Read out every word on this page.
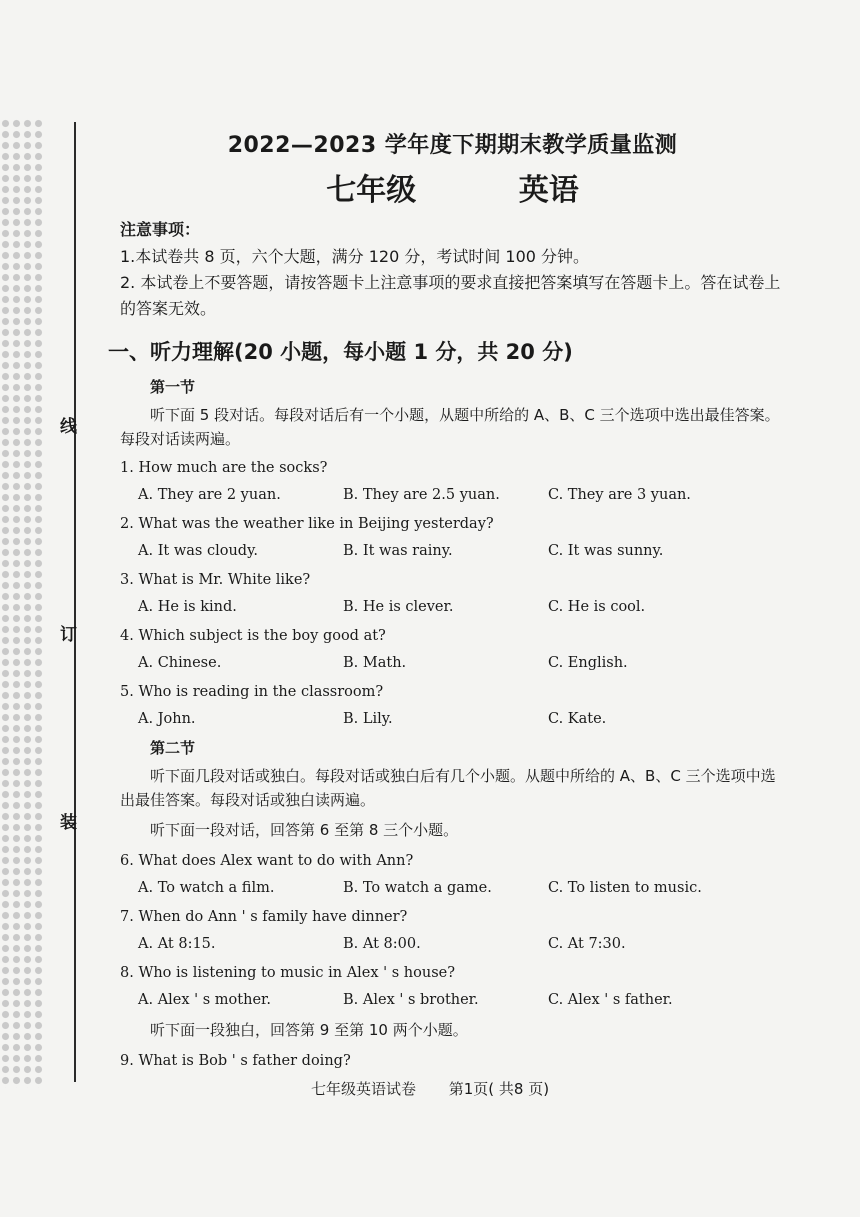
线
订
装
2022—2023 学年度下期期末教学质量监测
七年级	英语
注意事项：

1.本试卷共 8 页，六个大题，满分 120 分，考试时间 100 分钟。

2. 本试卷上不要答题，请按答题卡上注意事项的要求直接把答案填写在答题卡上。答在试卷上的答案无效。

一、听力理解(20 小题，每小题 1 分，共 20 分)
第一节

听下面 5 段对话。每段对话后有一个小题，从题中所给的 A、B、C 三个选项中选出最佳答案。每段对话读两遍。

1. How much are the socks?
A. They are 2 yuan.	B. They are 2.5 yuan.	C. They are 3 yuan.
2. What was the weather like in Beijing yesterday?
A. It was cloudy.	B. It was rainy.	C. It was sunny.
3. What is Mr. White like?
A. He is kind.	B. He is clever.	C. He is cool.
4. Which subject is the boy good at?
A. Chinese.	B. Math.	C. English.
5. Who is reading in the classroom?
A. John.	B. Lily.	C. Kate.
第二节

听下面几段对话或独白。每段对话或独白后有几个小题。从题中所给的 A、B、C 三个选项中选出最佳答案。每段对话或独白读两遍。

听下面一段对话，回答第 6 至第 8 三个小题。

6. What does Alex want to do with Ann?
A. To watch a film.	B. To watch a game.	C. To listen to music.
7. When do Ann ' s family have dinner?
A. At 8:15.	B. At 8:00.	C. At 7:30.
8. Who is listening to music in Alex ' s house?
A. Alex ' s mother.	B. Alex ' s brother.	C. Alex ' s father.

听下面一段独白，回答第 9 至第 10 两个小题。

9. What is Bob ' s father doing?
七年级英语试卷 第1页( 共8 页)
